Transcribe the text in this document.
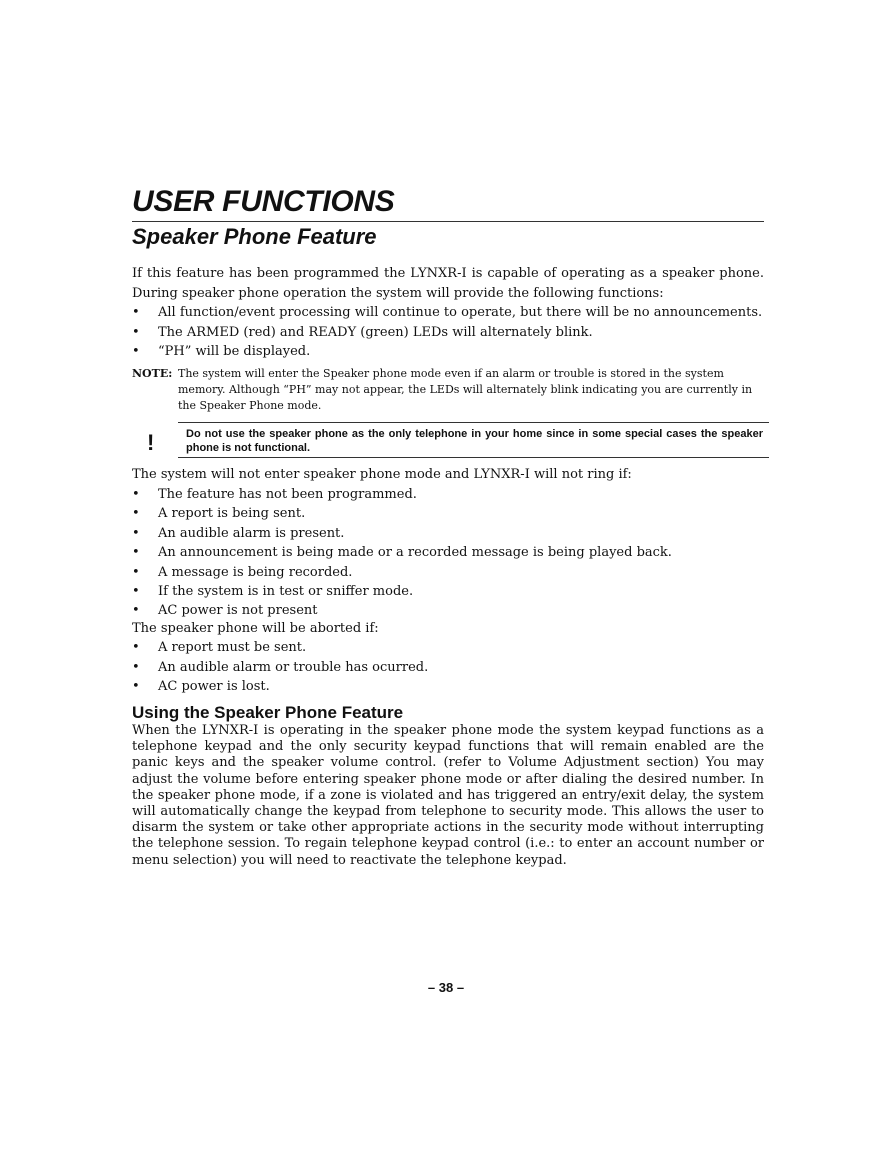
USER FUNCTIONS
Speaker Phone Feature

If this feature has been programmed the LYNXR-I is capable of operating as a speaker phone. During speaker phone operation the system will provide the following functions:

• All function/event processing will continue to operate, but there will be no announcements.
• The ARMED (red) and READY (green) LEDs will alternately blink.
• “PH” will be displayed.
NOTE: The system will enter the Speaker phone mode even if an alarm or trouble is stored in the system memory. Although “PH” may not appear, the LEDs will alternately blink indicating you are currently in the Speaker Phone mode.

!	Do not use the speaker phone as the only telephone in your home since in some special cases the speaker phone is not functional.

The system will not enter speaker phone mode and LYNXR-I will not ring if:

• The feature has not been programmed.
• A report is being sent.
• An audible alarm is present.
• An announcement is being made or a recorded message is being played back.
• A message is being recorded.
• If the system is in test or sniffer mode.
• AC power is not present

The speaker phone will be aborted if:

• A report must be sent.
• An audible alarm or trouble has ocurred.
• AC power is lost.
Using the Speaker Phone Feature

When the LYNXR-I is operating in the speaker phone mode the system keypad functions as a telephone keypad and the only security keypad functions that will remain enabled are the panic keys and the speaker volume control. (refer to Volume Adjustment section) You may adjust the volume before entering speaker phone mode or after dialing the desired number. In the speaker phone mode, if a zone is violated and has triggered an entry/exit delay, the system will automatically change the keypad from telephone to security mode. This allows the user to disarm the system or take other appropriate actions in the security mode without interrupting the telephone session. To regain telephone keypad control (i.e.: to enter an account number or menu selection) you will need to reactivate the telephone keypad.

– 38 –
